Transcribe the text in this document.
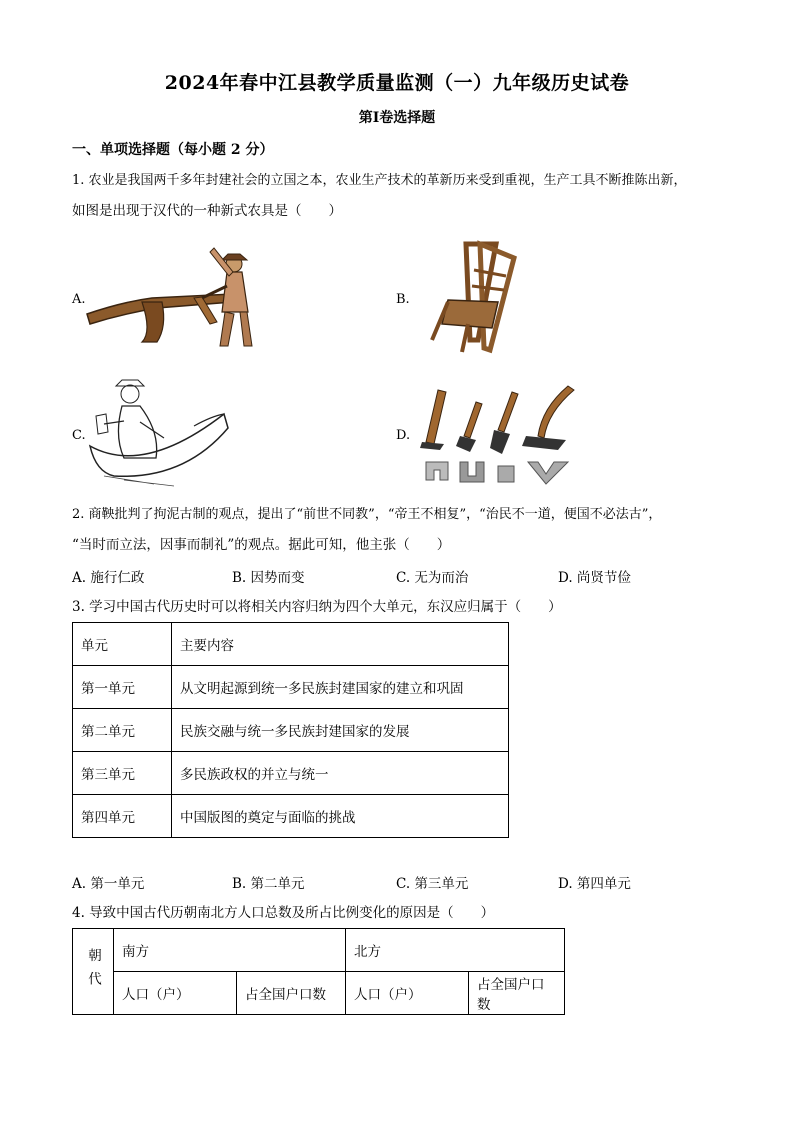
2024年春中江县教学质量监测（一）九年级历史试卷
第Ⅰ卷选择题
一、单项选择题（每小题 2 分）
1. 农业是我国两千多年封建社会的立国之本，农业生产技术的革新历来受到重视，生产工具不断推陈出新，
如图是出现于汉代的一种新式农具是（　　）
A.	B.
C.	D.
2. 商鞅批判了拘泥古制的观点，提出了“前世不同教”，“帝王不相复”，“治民不一道，便国不必法古”，
“当时而立法，因事而制礼”的观点。据此可知，他主张（　　）
A. 施行仁政	B. 因势而变	C. 无为而治	D. 尚贤节俭
3. 学习中国古代历史时可以将相关内容归纳为四个大单元，东汉应归属于（　　）
单元	主要内容
第一单元	从文明起源到统一多民族封建国家的建立和巩固
第二单元	民族交融与统一多民族封建国家的发展
第三单元	多民族政权的并立与统一
第四单元	中国版图的奠定与面临的挑战
A. 第一单元	B. 第二单元	C. 第三单元	D. 第四单元
4. 导致中国古代历朝南北方人口总数及所占比例变化的原因是（　　）
朝代	南方		北方	
	人口（户）	占全国户口数	人口（户）	占全国户口数
